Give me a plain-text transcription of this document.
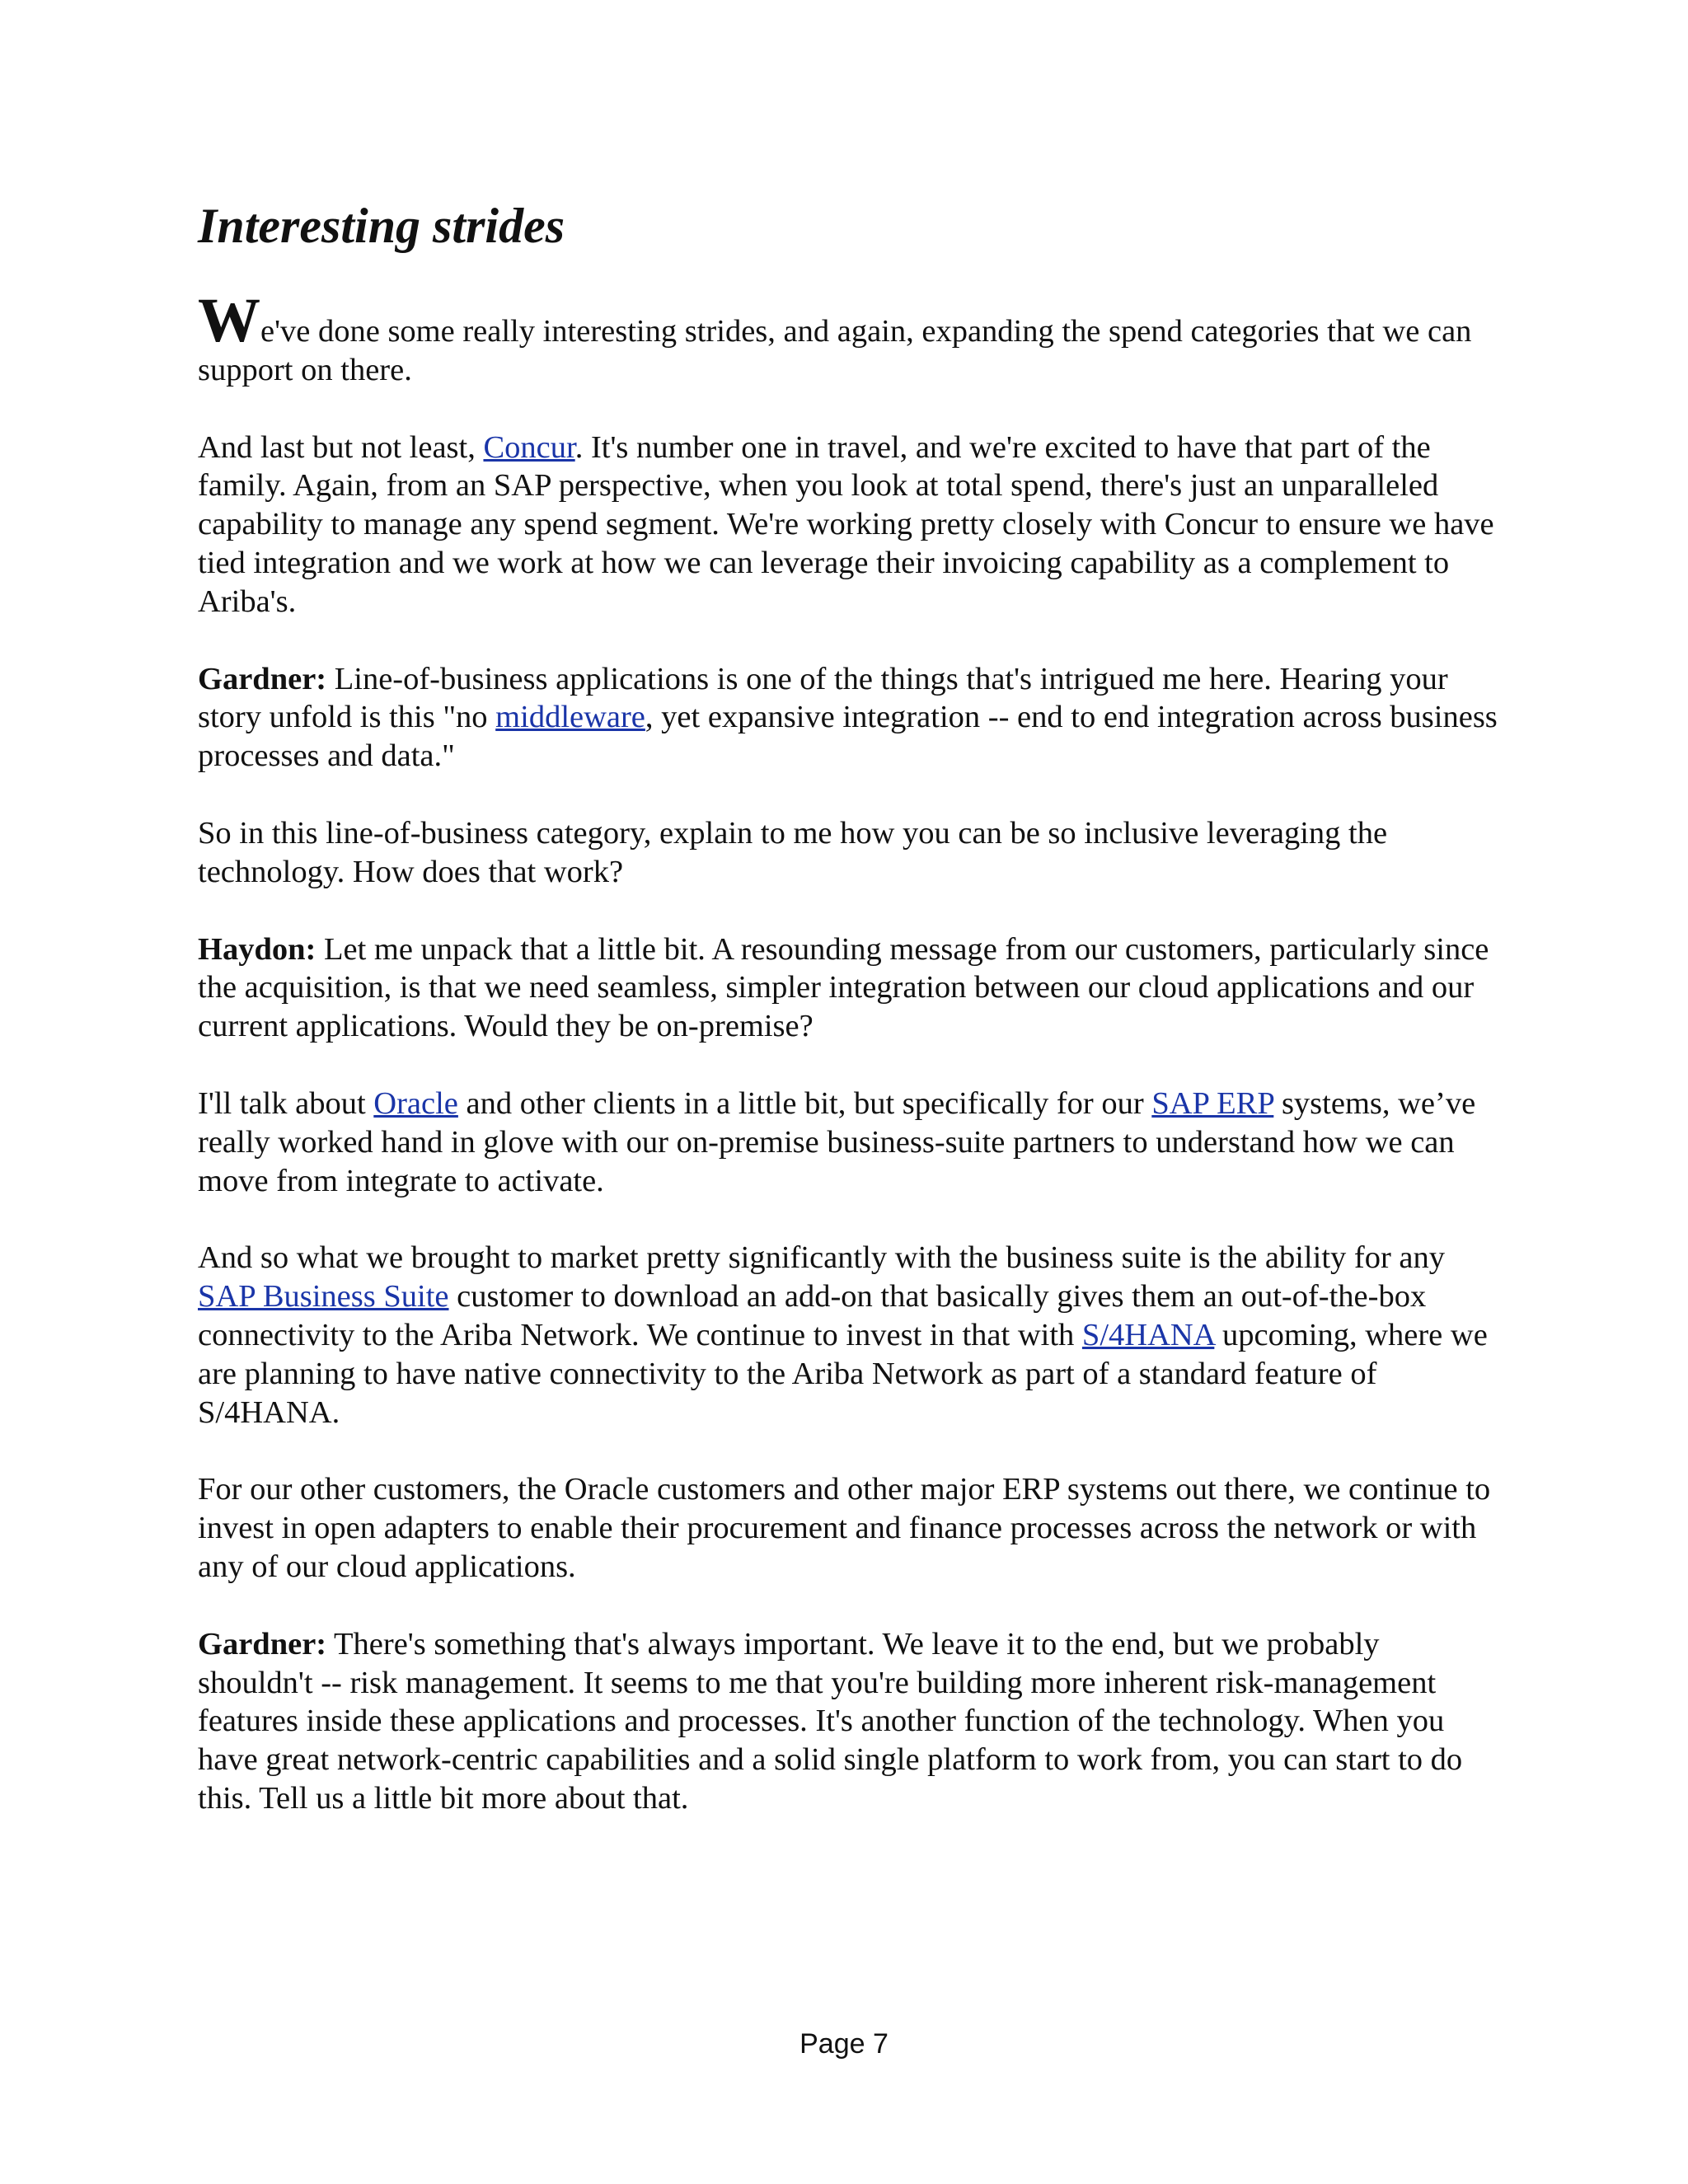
Interesting strides

We've done some really interesting strides, and again, expanding the spend categories that we can support on there.

And last but not least, Concur. It's number one in travel, and we're excited to have that part of the family. Again, from an SAP perspective, when you look at total spend, there's just an unparalleled capability to manage any spend segment. We're working pretty closely with Concur to ensure we have tied integration and we work at how we can leverage their invoicing capability as a complement to Ariba's.

Gardner: Line-of-business applications is one of the things that's intrigued me here. Hearing your story unfold is this "no middleware, yet expansive integration -- end to end integration across business processes and data."

So in this line-of-business category, explain to me how you can be so inclusive leveraging the technology. How does that work?

Haydon: Let me unpack that a little bit. A resounding message from our customers, particularly since the acquisition, is that we need seamless, simpler integration between our cloud applications and our current applications. Would they be on-premise?

I'll talk about Oracle and other clients in a little bit, but specifically for our SAP ERP systems, we’ve really worked hand in glove with our on-premise business-suite partners to understand how we can move from integrate to activate.

And so what we brought to market pretty significantly with the business suite is the ability for any SAP Business Suite customer to download an add-on that basically gives them an out-of-the-box connectivity to the Ariba Network. We continue to invest in that with S/4HANA upcoming, where we are planning to have native connectivity to the Ariba Network as part of a standard feature of S/4HANA.

For our other customers, the Oracle customers and other major ERP systems out there, we continue to invest in open adapters to enable their procurement and finance processes across the network or with any of our cloud applications.

Gardner: There's something that's always important. We leave it to the end, but we probably shouldn't -- risk management. It seems to me that you're building more inherent risk-management features inside these applications and processes. It's another function of the technology. When you have great network-centric capabilities and a solid single platform to work from, you can start to do this. Tell us a little bit more about that.

Page 7
